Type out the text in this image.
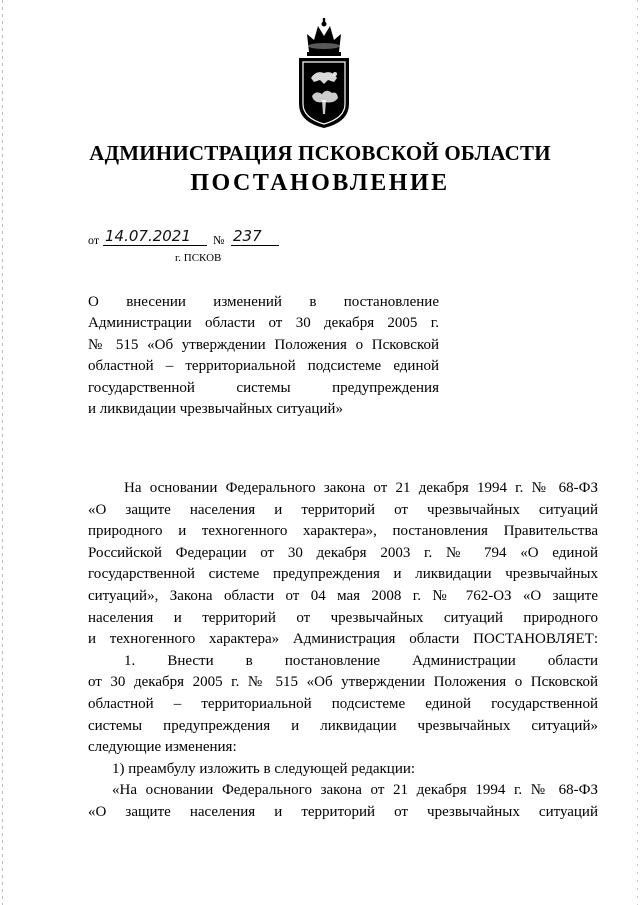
АДМИНИСТРАЦИЯ ПСКОВСКОЙ ОБЛАСТИ
ПОСТАНОВЛЕНИЕ
от 14.07.2021	№ 237
г. ПСКОВ
О внесении изменений в постановление
Администрации области от 30 декабря 2005 г.
№ 515 «Об утверждении Положения о Псковской
областной – территориальной подсистеме единой
государственной системы предупреждения
и ликвидации чрезвычайных ситуаций»
На основании Федерального закона от 21 декабря 1994 г. № 68-ФЗ
«О защите населения и территорий от чрезвычайных ситуаций
природного и техногенного характера», постановления Правительства
Российской Федерации от 30 декабря 2003 г. № 794 «О единой
государственной системе предупреждения и ликвидации чрезвычайных
ситуаций», Закона области от 04 мая 2008 г. № 762-ОЗ «О защите
населения и территорий от чрезвычайных ситуаций природного
и техногенного характера» Администрация области ПОСТАНОВЛЯЕТ:
1. Внести в постановление Администрации области
от 30 декабря 2005 г. № 515 «Об утверждении Положения о Псковской
областной – территориальной подсистеме единой государственной
системы предупреждения и ликвидации чрезвычайных ситуаций»
следующие изменения:
1) преамбулу изложить в следующей редакции:
«На основании Федерального закона от 21 декабря 1994 г. № 68-ФЗ
«О защите населения и территорий от чрезвычайных ситуаций
